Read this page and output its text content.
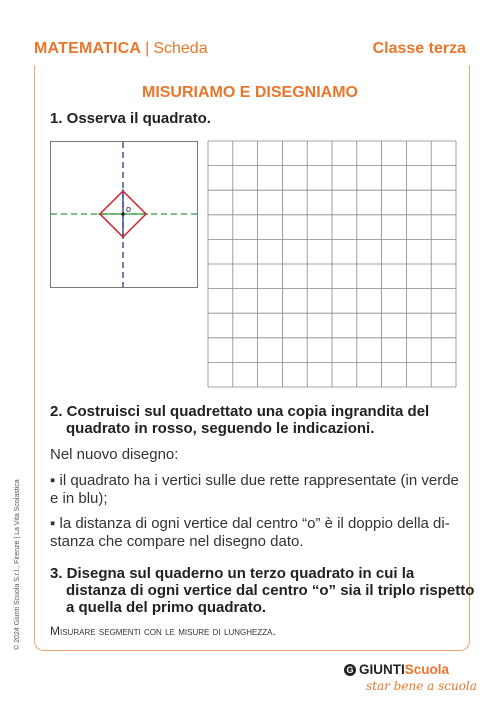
MATEMATICA | Scheda	Classe terza
MISURIAMO E DISEGNIAMO
1. Osserva il quadrato.
o
2. Costruisci sul quadrettato una copia ingrandita del
quadrato in rosso, seguendo le indicazioni.
Nel nuovo disegno:
▪ il quadrato ha i vertici sulle due rette rappresentate (in verde
e in blu);
▪ la distanza di ogni vertice dal centro “o” è il doppio della di-
stanza che compare nel disegno dato.
3. Disegna sul quaderno un terzo quadrato in cui la
distanza di ogni vertice dal centro “o” sia il triplo rispetto
a quella del primo quadrato.
Misurare segmenti con le misure di lunghezza.
© 2024 Giunti Scuola S.r.l., Firenze | La Vita Scolastica
G GIUNTIScuola
star bene a scuola
